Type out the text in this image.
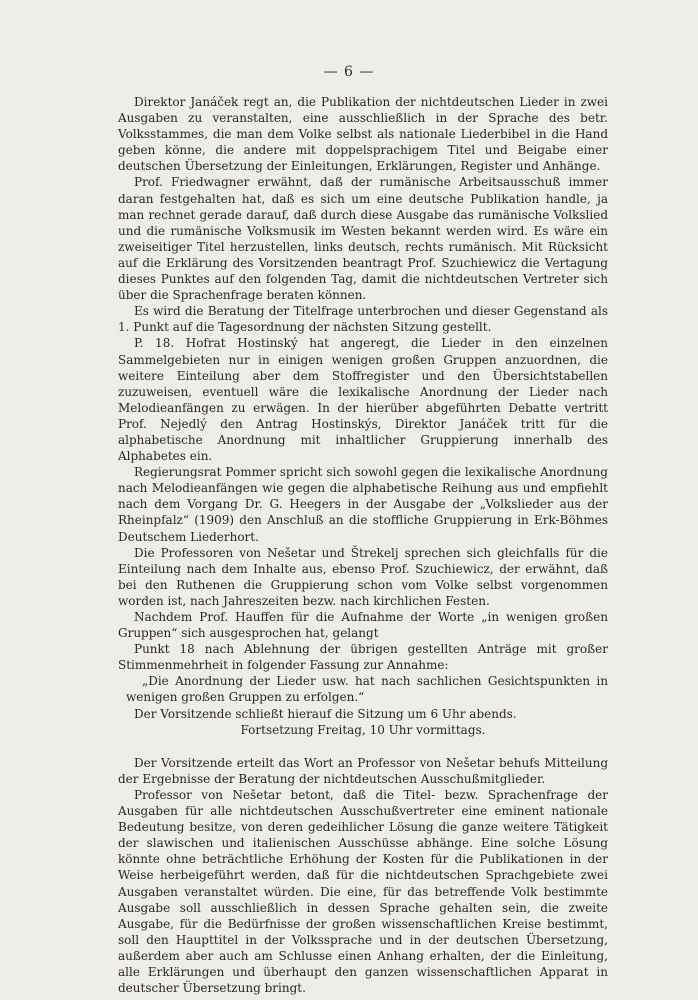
— 6 —

Direktor Janáček regt an, die Publikation der nichtdeutschen Lieder in zwei Ausgaben zu veranstalten, eine ausschließlich in der Sprache des betr. Volksstammes, die man dem Volke selbst als nationale Liederbibel in die Hand geben könne, die andere mit doppelsprachigem Titel und Beigabe einer deutschen Übersetzung der Einleitungen, Erklärungen, Register und Anhänge.

Prof. Friedwagner erwähnt, daß der rumänische Arbeitsausschuß immer daran festgehalten hat, daß es sich um eine deutsche Publikation handle, ja man rechnet gerade darauf, daß durch diese Ausgabe das rumänische Volkslied und die rumänische Volksmusik im Westen bekannt werden wird. Es wäre ein zweiseitiger Titel herzustellen, links deutsch, rechts rumänisch. Mit Rücksicht auf die Erklärung des Vorsitzenden beantragt Prof. Szuchiewicz die Vertagung dieses Punktes auf den folgenden Tag, damit die nichtdeutschen Vertreter sich über die Sprachenfrage beraten können.

Es wird die Beratung der Titelfrage unterbrochen und dieser Gegenstand als 1. Punkt auf die Tagesordnung der nächsten Sitzung gestellt.

P. 18. Hofrat Hostinský hat angeregt, die Lieder in den einzelnen Sammelgebieten nur in einigen wenigen großen Gruppen anzuordnen, die weitere Einteilung aber dem Stoffregister und den Übersichtstabellen zuzuweisen, eventuell wäre die lexikalische Anordnung der Lieder nach Melodieanfängen zu erwägen. In der hierüber abgeführten Debatte vertritt Prof. Nejedlý den Antrag Hostinskýs, Direktor Janáček tritt für die alphabetische Anordnung mit inhaltlicher Gruppierung innerhalb des Alphabetes ein.

Regierungsrat Pommer spricht sich sowohl gegen die lexikalische Anordnung nach Melodieanfängen wie gegen die alphabetische Reihung aus und empfiehlt nach dem Vorgang Dr. G. Heegers in der Ausgabe der „Volkslieder aus der Rheinpfalz“ (1909) den Anschluß an die stoffliche Gruppierung in Erk-Böhmes Deutschem Liederhort.

Die Professoren von Nešetar und Štrekelj sprechen sich gleichfalls für die Einteilung nach dem Inhalte aus, ebenso Prof. Szuchiewicz, der erwähnt, daß bei den Ruthenen die Gruppierung schon vom Volke selbst vorgenommen worden ist, nach Jahreszeiten bezw. nach kirchlichen Festen.

Nachdem Prof. Hauffen für die Aufnahme der Worte „in wenigen großen Gruppen“ sich ausgesprochen hat, gelangt

Punkt 18 nach Ablehnung der übrigen gestellten Anträge mit großer Stimmenmehrheit in folgender Fassung zur Annahme:

„Die Anordnung der Lieder usw. hat nach sachlichen Gesichtspunkten in wenigen großen Gruppen zu erfolgen.“

Der Vorsitzende schließt hierauf die Sitzung um 6 Uhr abends.

Fortsetzung Freitag, 10 Uhr vormittags.

Der Vorsitzende erteilt das Wort an Professor von Nešetar behufs Mitteilung der Ergebnisse der Beratung der nichtdeutschen Ausschußmitglieder.

Professor von Nešetar betont, daß die Titel- bezw. Sprachenfrage der Ausgaben für alle nichtdeutschen Ausschußvertreter eine eminent nationale Bedeutung besitze, von deren gedeihlicher Lösung die ganze weitere Tätigkeit der slawischen und italienischen Ausschüsse abhänge. Eine solche Lösung könnte ohne beträchtliche Erhöhung der Kosten für die Publikationen in der Weise herbeigeführt werden, daß für die nichtdeutschen Sprachgebiete zwei Ausgaben veranstaltet würden. Die eine, für das betreffende Volk bestimmte Ausgabe soll ausschließlich in dessen Sprache gehalten sein, die zweite Ausgabe, für die Bedürfnisse der großen wissenschaftlichen Kreise bestimmt, soll den Haupttitel in der Volkssprache und in der deutschen Übersetzung, außerdem aber auch am Schlusse einen Anhang erhalten, der die Einleitung, alle Erklärungen und überhaupt den ganzen wissenschaftlichen Apparat in deutscher Übersetzung bringt.
